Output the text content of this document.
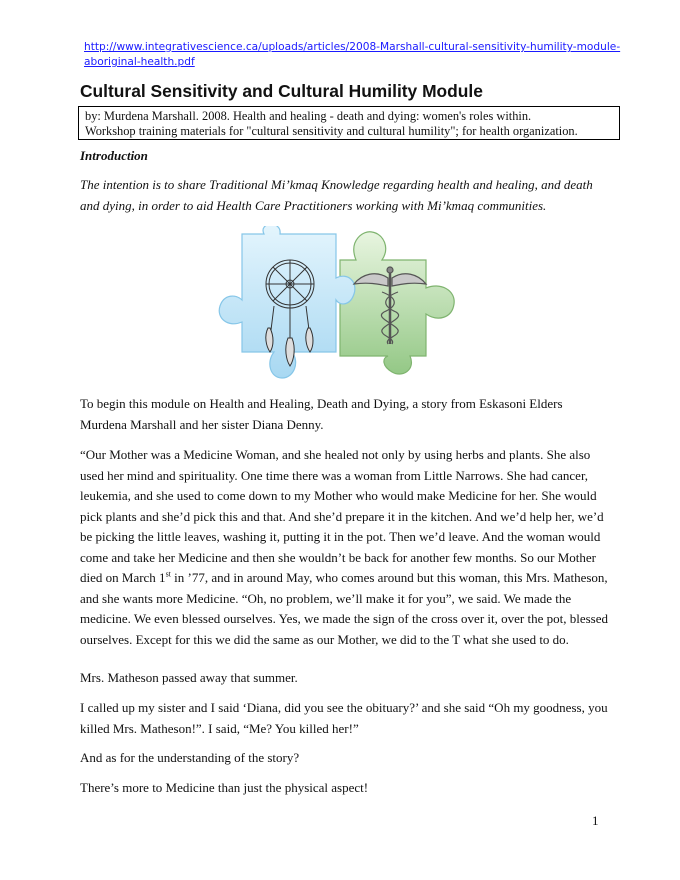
http://www.integrativescience.ca/uploads/articles/2008-Marshall-cultural-sensitivity-humility-module-
aboriginal-health.pdf
Cultural Sensitivity and Cultural Humility Module
by: Murdena Marshall. 2008. Health and healing - death and dying: women's roles within.
Workshop training materials for "cultural sensitivity and cultural humility"; for health organization.
Introduction
The intention is to share Traditional Mi’kmaq Knowledge regarding health and healing, and death and dying, in order to aid Health Care Practitioners working with Mi’kmaq communities.

To begin this module on Health and Healing, Death and Dying, a story from Eskasoni Elders Murdena Marshall and her sister Diana Denny.

“Our Mother was a Medicine Woman, and she healed not only by using herbs and plants. She also used her mind and spirituality. One time there was a woman from Little Narrows. She had cancer, leukemia, and she used to come down to my Mother who would make Medicine for her. She would pick plants and she’d pick this and that. And she’d prepare it in the kitchen. And we’d help her, we’d be picking the little leaves, washing it, putting it in the pot. Then we’d leave. And the woman would come and take her Medicine and then she wouldn’t be back for another few months. So our Mother died on March 1st in ’77, and in around May, who comes around but this woman, this Mrs. Matheson, and she wants more Medicine. “Oh, no problem, we’ll make it for you”, we said. We made the medicine. We even blessed ourselves. Yes, we made the sign of the cross over it, over the pot, blessed ourselves. Except for this we did the same as our Mother, we did to the T what she used to do.

Mrs. Matheson passed away that summer.

I called up my sister and I said ‘Diana, did you see the obituary?’ and she said “Oh my goodness, you killed Mrs. Matheson!”. I said, “Me? You killed her!”

And as for the understanding of the story?

There’s more to Medicine than just the physical aspect!

1
